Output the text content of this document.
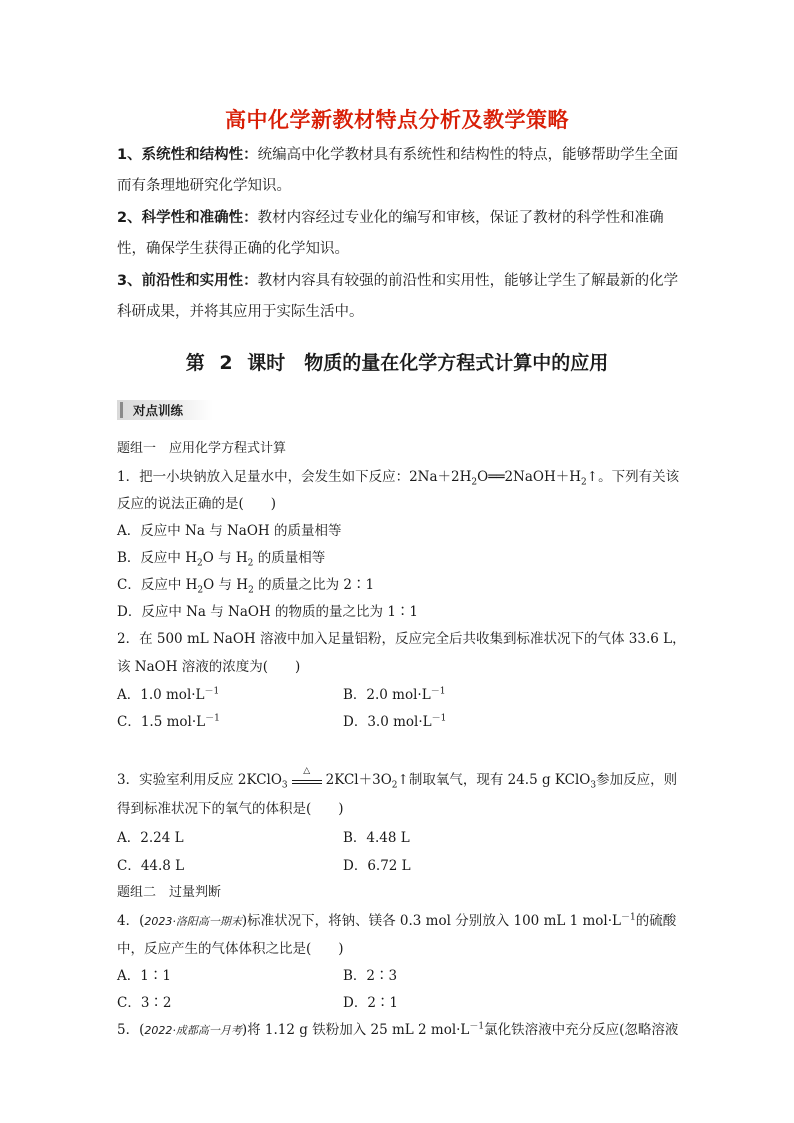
高中化学新教材特点分析及教学策略
1、系统性和结构性：统编高中化学教材具有系统性和结构性的特点，能够帮助学生全面而有条理地研究化学知识。
2、科学性和准确性：教材内容经过专业化的编写和审核，保证了教材的科学性和准确性，确保学生获得正确的化学知识。
3、前沿性和实用性：教材内容具有较强的前沿性和实用性，能够让学生了解最新的化学科研成果，并将其应用于实际生活中。
第 2 课时　物质的量在化学方程式计算中的应用
对点训练
题组一　应用化学方程式计算
1．把一小块钠放入足量水中，会发生如下反应：$2Na+2H_2O══2NaOH+H_2↑$。下列有关该
反应的说法正确的是(　　)
A．反应中 Na 与 NaOH 的质量相等
B．反应中 $H_2O$ 与 $H_2$ 的质量相等
C．反应中 $H_2O$ 与 $H_2$ 的质量之比为 2∶1
D．反应中 Na 与 NaOH 的物质的量之比为 1∶1
2．在 500 mL NaOH 溶液中加入足量铝粉，反应完全后共收集到标准状况下的气体 33.6 L，
该 NaOH 溶液的浓度为(　　)
A．1.0 $mol\cdot L^{-1}$	B．2.0 $mol\cdot L^{-1}$
C．1.5 $mol\cdot L^{-1}$	D．3.0 $mol\cdot L^{-1}$
3．实验室利用反应 2KClO$_3$
△
$2KCl+3O_2↑$制取氧气，现有 24.5 g KClO$_3$参加反应，则
得到标准状况下的氧气的体积是(　　)
A．2.24 L	B．4.48 L
C．44.8 L	D．6.72 L
题组二　过量判断
4．(2023·洛阳高一期末)标准状况下，将钠、镁各 0.3 mol 分别放入 100 mL 1 $mol\cdot L^{-1}$的硫酸
中，反应产生的气体体积之比是(　　)
A．1∶1	B．2∶3
C．3∶2	D．2∶1
5．(2022·成都高一月考)将 1.12 g 铁粉加入 25 mL 2 $mol\cdot L^{-1}$氯化铁溶液中充分反应(忽略溶液
